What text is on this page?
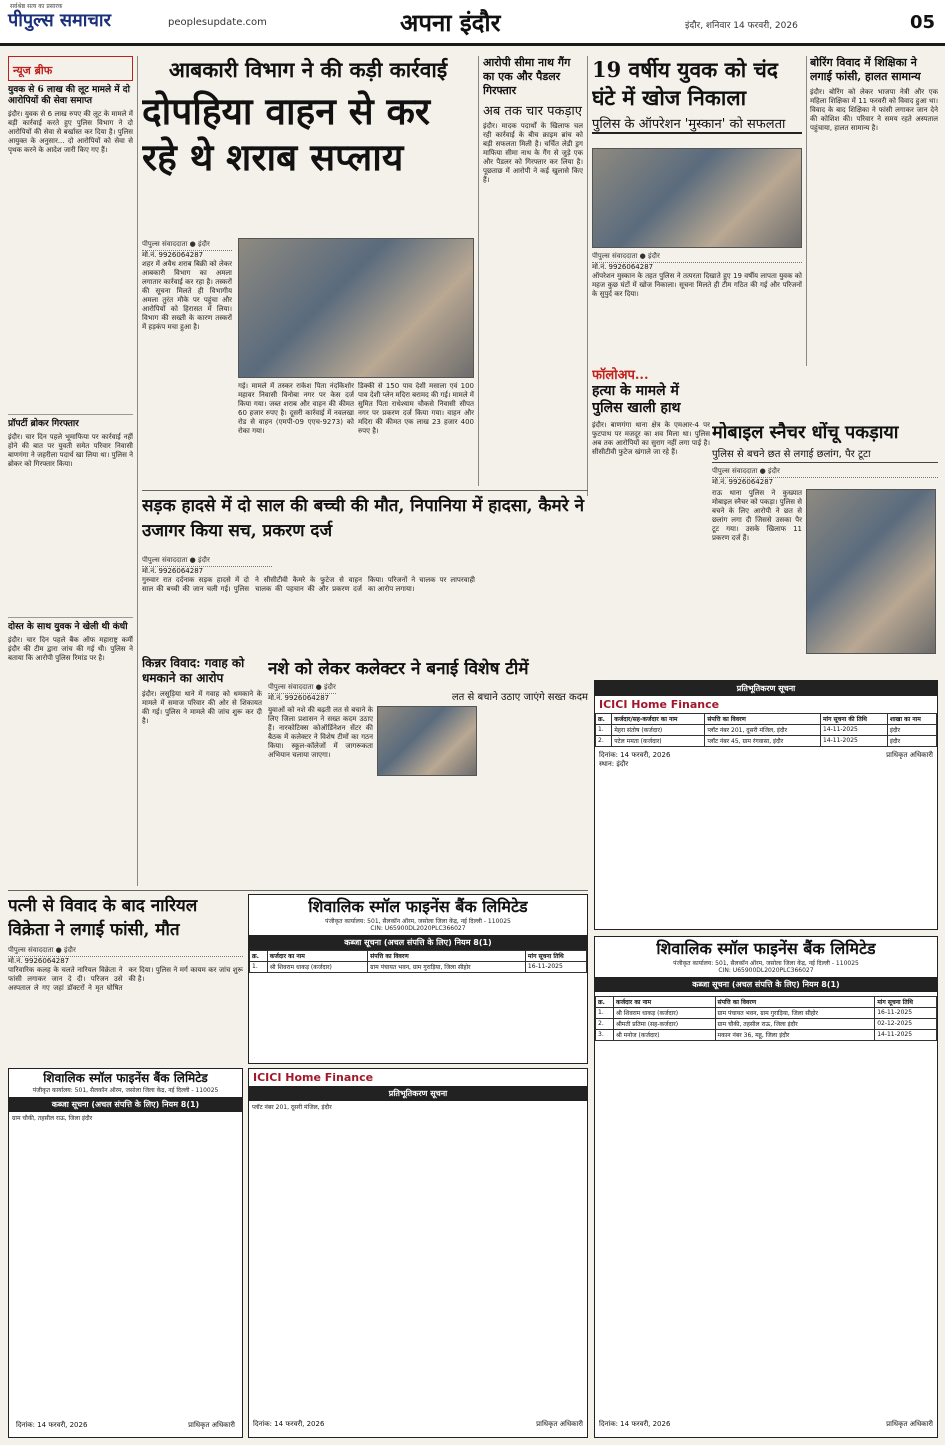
सर्वश्रेष्ठ सत्य का प्रसारक
पीपुल्स समाचार	peoplesupdate.com	अपना इंदौर	इंदौर, शनिवार 14 फरवरी, 2026	05
न्यूज ब्रीफ
युवक से 6 लाख की लूट मामले में दो आरोपियों की सेवा समाप्त
इंदौर। युवक से 6 लाख रुपए की लूट के मामले में बड़ी कार्रवाई करते हुए पुलिस विभाग ने दो आरोपियों की सेवा से बर्खास्त कर दिया है। पुलिस आयुक्त के अनुसार... दो आरोपियों को सेवा से पृथक करने के आदेश जारी किए गए हैं।
प्रॉपर्टी ब्रोकर गिरफ्तार
इंदौर। चार दिन पहले भूमाफिया पर कार्रवाई नहीं होने की बात पर युवती समेत परिवार निवासी बाणगंगा ने जहरीला पदार्थ खा लिया था। पुलिस ने ब्रोकर को गिरफ्तार किया।
दोस्त के साथ युवक ने खेली थी कंधी
इंदौर। चार दिन पहले बैंक ऑफ महाराष्ट्र कर्मी इंदौर की टीम द्वारा जांच की गई थी। पुलिस ने बताया कि आरोपी पुलिस रिमांड पर है।
आबकारी विभाग ने की कड़ी कार्रवाई
दोपहिया वाहन से कर रहे थे शराब सप्लाय
पीपुल्स संवाददाता ● इंदौर
मो.नं. 9926064287
शहर में अवैध शराब बिक्री को लेकर आबकारी विभाग का अमला लगातार कार्रवाई कर रहा है। तस्करों की सूचना मिलते ही विभागीय अमला तुरंत मौके पर पहुंचा और आरोपियों को हिरासत में लिया। विभाग की सख्ती के कारण तस्करों में हड़कंप मचा हुआ है।
गई। मामले में तस्कर राकेश पिता नंदकिशोर महावर निवासी विनोबा नगर पर केस दर्ज किया गया। जब्त शराब और वाहन की कीमत 60 हजार रुपए है। दूसरी कार्रवाई में नवलखा रोड से वाहन (एमपी-09 एएच-9273) को रोका गया।
डिक्की से 150 पाव देशी मसाला एवं 100 पाव देशी प्लेन मदिरा बरामद की गई। मामले में सुमित पिता राधेश्याम चौकसे निवासी सीपत नगर पर प्रकरण दर्ज किया गया। वाहन और मदिरा की कीमत एक लाख 23 हजार 400 रुपए है।
आरोपी सीमा नाथ गैंग का एक और पैडलर गिरफ्तार
अब तक चार पकड़ाए
इंदौर। मादक पदार्थों के खिलाफ चल रही कार्रवाई के बीच क्राइम ब्रांच को बड़ी सफलता मिली है। चर्चित लेडी ड्रग माफिया सीमा नाथ के गैंग से जुड़े एक और पैडलर को गिरफ्तार कर लिया है। पूछताछ में आरोपी ने कई खुलासे किए हैं।
19 वर्षीय युवक को चंद घंटे में खोज निकाला
पुलिस के ऑपरेशन 'मुस्कान' को सफलता
पीपुल्स संवाददाता ● इंदौर
मो.नं. 9926064287
ऑपरेशन मुस्कान के तहत पुलिस ने तत्परता दिखाते हुए 19 वर्षीय लापता युवक को महज कुछ घंटों में खोज निकाला। सूचना मिलते ही टीम गठित की गई और परिजनों के सुपुर्द कर दिया।
बोरिंग विवाद में शिक्षिका ने लगाई फांसी, हालत सामान्य
इंदौर। बोरिंग को लेकर भाजपा नेत्री और एक महिला शिक्षिका में 11 फरवरी को विवाद हुआ था। विवाद के बाद शिक्षिका ने फांसी लगाकर जान देने की कोशिश की। परिवार ने समय रहते अस्पताल पहुंचाया, हालत सामान्य है।
फॉलोअप...
हत्या के मामले में पुलिस खाली हाथ
इंदौर। बाणगंगा थाना क्षेत्र के एमआर-4 पर फुटपाथ पर मजदूर का शव मिला था। पुलिस अब तक आरोपियों का सुराग नहीं लगा पाई है। सीसीटीवी फुटेज खंगाले जा रहे हैं।
मोबाइल स्नैचर धोंचू पकड़ाया
पुलिस से बचने छत से लगाई छलांग, पैर टूटा
पीपुल्स संवाददाता ● इंदौर
मो.नं. 9926064287
राऊ थाना पुलिस ने कुख्यात मोबाइल स्नैचर को पकड़ा। पुलिस से बचने के लिए आरोपी ने छत से छलांग लगा दी जिससे उसका पैर टूट गया। उसके खिलाफ 11 प्रकरण दर्ज हैं।
सड़क हादसे में दो साल की बच्ची की मौत, निपानिया में हादसा, कैमरे ने उजागर किया सच, प्रकरण दर्ज
पीपुल्स संवाददाता ● इंदौर
मो.नं. 9926064287
गुरुवार रात दर्दनाक सड़क हादसे में दो साल की बच्ची की जान चली गई। पुलिस ने सीसीटीवी कैमरे के फुटेज से वाहन चालक की पहचान की और प्रकरण दर्ज किया। परिजनों ने चालक पर लापरवाही का आरोप लगाया।
किन्नर विवाद: गवाह को धमकाने का आरोप
इंदौर। लसूड़िया थाने में गवाह को धमकाने के मामले में समाज परिवार की ओर से शिकायत की गई। पुलिस ने मामले की जांच शुरू कर दी है।
नशे को लेकर कलेक्टर ने बनाई विशेष टीमें
पीपुल्स संवाददाता ● इंदौर
मो.नं. 9926064287	लत से बचाने उठाए जाएंगे सख्त कदम
युवाओं को नशे की बढ़ती लत से बचाने के लिए जिला प्रशासन ने सख्त कदम उठाए हैं। नारकोटिक्स कोऑर्डिनेशन सेंटर की बैठक में कलेक्टर ने विशेष टीमों का गठन किया। स्कूल-कॉलेजों में जागरूकता अभियान चलाया जाएगा।
प्रतिभूतिकरण सूचना
ICICI Home Finance
क्र.	कर्जदार/सह-कर्जदार का नाम	संपत्ति का विवरण	मांग सूचना की तिथि	शाखा का नाम
1.	मेहरा संतोष (कर्जदार)	प्लॉट नंबर 201, दूसरी मंजिल, इंदौर	14-11-2025	इंदौर
2.	पटेल ममता (कर्जदार)	प्लॉट नंबर 45, ग्राम रंगवासा, इंदौर	14-11-2025	इंदौर
दिनांक: 14 फरवरी, 2026
स्थान: इंदौर
प्राधिकृत अधिकारी
पत्नी से विवाद के बाद नारियल विक्रेता ने लगाई फांसी, मौत
पीपुल्स संवाददाता ● इंदौर
मो.नं. 9926064287
पारिवारिक कलह के चलते नारियल विक्रेता ने फांसी लगाकर जान दे दी। परिजन उसे अस्पताल ले गए जहां डॉक्टरों ने मृत घोषित कर दिया। पुलिस ने मर्ग कायम कर जांच शुरू की है।
शिवालिक स्मॉल फाइनेंस बैंक लिमिटेड
पंजीकृत कार्यालय: 501, सैलकॉन ऑरम, जसोला जिला केंद्र, नई दिल्ली - 110025
CIN: U65900DL2020PLC366027
कब्जा सूचना (अचल संपत्ति के लिए) नियम 8(1)
क्र.	कर्जदार का नाम	संपत्ति का विवरण	मांग सूचना तिथि
1.	श्री शिवराम धाकड़ (कर्जदार)	ग्राम पंचायत भवन, ग्राम गुराड़िया, जिला सीहोर	16-11-2025
शिवालिक स्मॉल फाइनेंस बैंक लिमिटेड
पंजीकृत कार्यालय: 501, सैलकॉन ऑरम, जसोला जिला केंद्र, नई दिल्ली - 110025
कब्जा सूचना (अचल संपत्ति के लिए) नियम 8(1)
ग्राम चौकी, तहसील राऊ, जिला इंदौर
दिनांक: 14 फरवरी, 2026	प्राधिकृत अधिकारी
ICICI Home Finance
प्रतिभूतिकरण सूचना
प्लॉट नंबर 201, दूसरी मंजिल, इंदौर
दिनांक: 14 फरवरी, 2026	प्राधिकृत अधिकारी
शिवालिक स्मॉल फाइनेंस बैंक लिमिटेड
पंजीकृत कार्यालय: 501, सैलकॉन ऑरम, जसोला जिला केंद्र, नई दिल्ली - 110025
CIN: U65900DL2020PLC366027
कब्जा सूचना (अचल संपत्ति के लिए) नियम 8(1)
क्र.	कर्जदार का नाम	संपत्ति का विवरण	मांग सूचना तिथि
1.	श्री शिवराम धाकड़ (कर्जदार)	ग्राम पंचायत भवन, ग्राम गुराड़िया, जिला सीहोर	16-11-2025
2.	श्रीमती प्रतिमा (सह-कर्जदार)	ग्राम चौकी, तहसील राऊ, जिला इंदौर	02-12-2025
3.	श्री मनोज (कर्जदार)	मकान नंबर 36, महू, जिला इंदौर	14-11-2025
दिनांक: 14 फरवरी, 2026	प्राधिकृत अधिकारी
